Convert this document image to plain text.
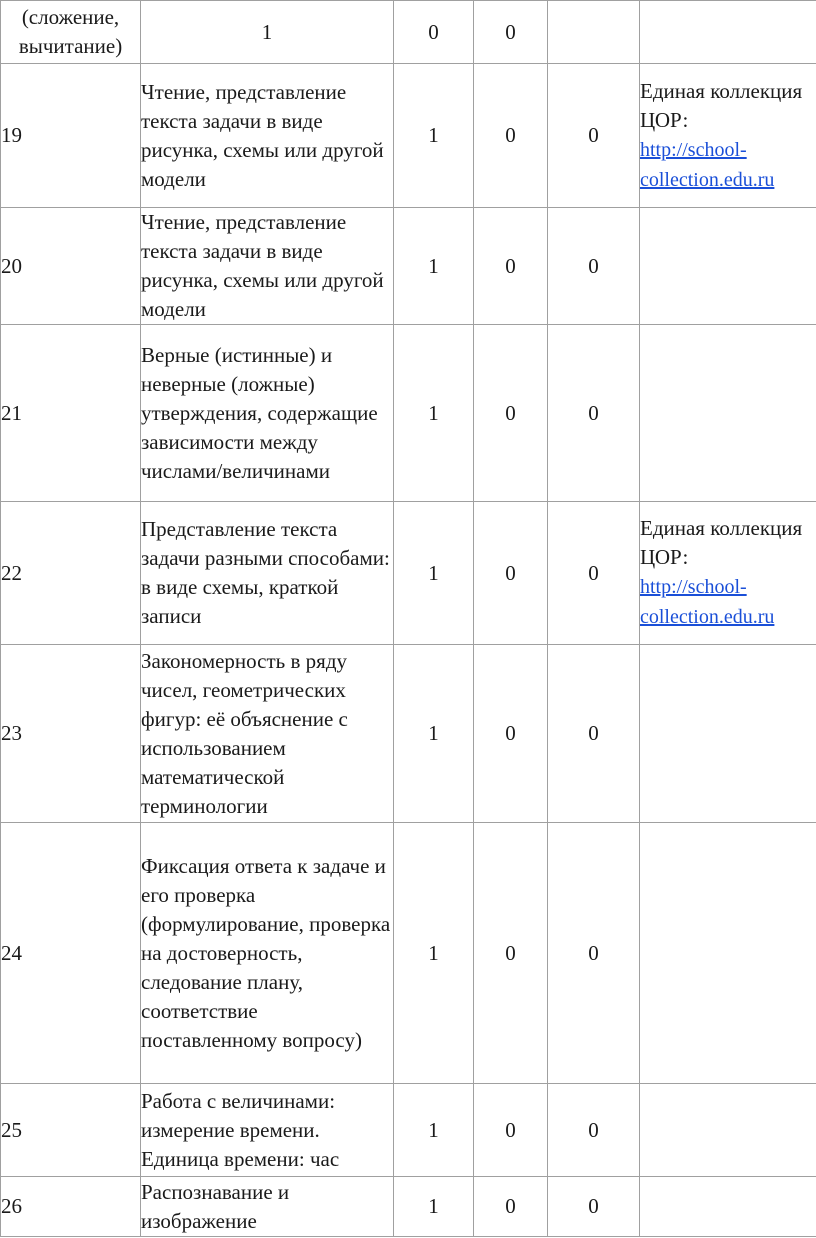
(сложение, вычитание)	1	0	0		
19	Чтение, представление текста задачи в виде рисунка, схемы или другой модели	1	0	0	Единая коллекция ЦОР:
http://school-collection.edu.ru
20	Чтение, представление текста задачи в виде рисунка, схемы или другой модели	1	0	0	
21	Верные (истинные) и неверные (ложные) утверждения, содержащие зависимости между числами/величинами	1	0	0	
22	Представление текста задачи разными способами: в виде схемы, краткой записи	1	0	0	Единая коллекция ЦОР:
http://school-collection.edu.ru
23	Закономерность в ряду чисел, геометрических фигур: её объяснение с использованием математической терминологии	1	0	0	
24	Фиксация ответа к задаче и его проверка (формулирование, проверка на достоверность, следование плану, соответствие поставленному вопросу)	1	0	0	
25	Работа с величинами: измерение времени. Единица времени: час	1	0	0	
26	Распознавание и изображение	1	0	0	
